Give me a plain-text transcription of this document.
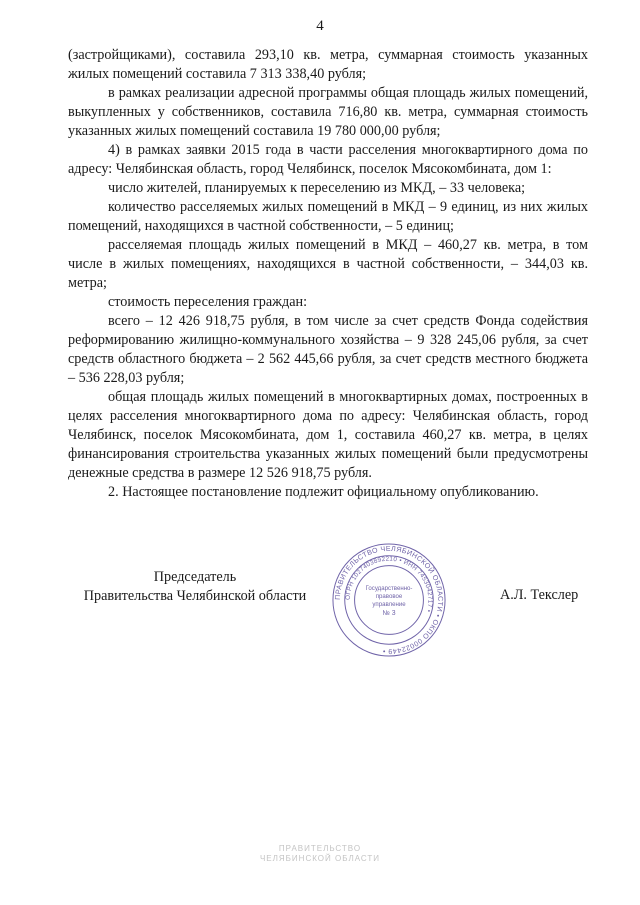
4

(застройщиками), составила 293,10 кв. метра, суммарная стоимость указанных жилых помещений составила 7 313 338,40 рубля;

в рамках реализации адресной программы общая площадь жилых помещений, выкупленных у собственников, составила 716,80 кв. метра, суммарная стоимость указанных жилых помещений составила 19 780 000,00 рубля;

4) в рамках заявки 2015 года в части расселения многоквартирного дома по адресу: Челябинская область, город Челябинск, поселок Мясокомбината, дом 1:

число жителей, планируемых к переселению из МКД, – 33 человека;

количество расселяемых жилых помещений в МКД – 9 единиц, из них жилых помещений, находящихся в частной собственности, – 5 единиц;

расселяемая площадь жилых помещений в МКД – 460,27 кв. метра, в том числе в жилых помещениях, находящихся в частной собственности, – 344,03 кв. метра;

стоимость переселения граждан:

всего – 12 426 918,75 рубля, в том числе за счет средств Фонда содействия реформированию жилищно-коммунального хозяйства – 9 328 245,06 рубля, за счет средств областного бюджета – 2 562 445,66 рубля, за счет средств местного бюджета – 536 228,03 рубля;

общая площадь жилых помещений в многоквартирных домах, построенных в целях расселения многоквартирного дома по адресу: Челябинская область, город Челябинск, поселок Мясокомбината, дом 1, составила 460,27 кв. метра, в целях финансирования строительства указанных жилых помещений были предусмотрены денежные средства в размере 12 526 918,75 рубля.

2. Настоящее постановление подлежит официальному опубликованию.

Председатель
Правительства Челябинской области	ПРАВИТЕЛЬСТВО ЧЕЛЯБИНСКОЙ ОБЛАСТИ • ОКПО 00022449 •
ОГРН 1027403892210 • ИНН 7453042717 •
Государственно-
правовое
управление
№ 3
А.Л. Текслер
ПРАВИТЕЛЬСТВО
ЧЕЛЯБИНСКОЙ ОБЛАСТИ
